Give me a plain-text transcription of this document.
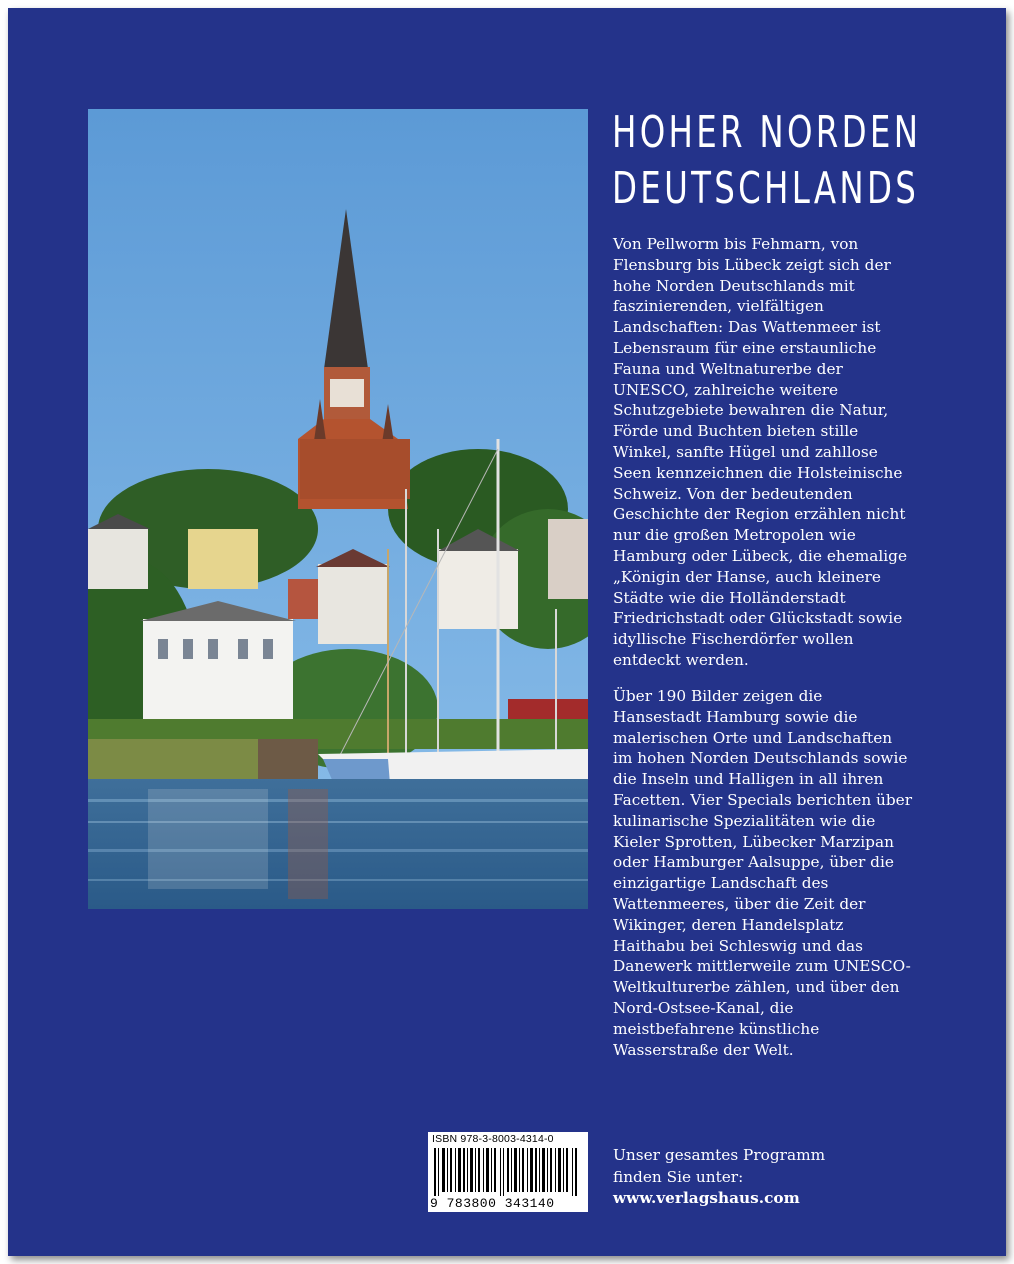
HOHER NORDEN
DEUTSCHLANDS
Von Pellworm bis Fehmarn, von Flensburg bis Lübeck zeigt sich der hohe Norden Deutschlands mit faszinierenden, vielfältigen Landschaften: Das Wattenmeer ist Lebensraum für eine erstaunliche Fauna und Weltnaturerbe der UNESCO, zahlreiche weitere Schutzgebiete bewahren die Natur, Förde und Buchten bieten stille Winkel, sanfte Hügel und zahllose Seen kennzeichnen die Holsteinische Schweiz. Von der bedeutenden Geschichte der Region erzählen nicht nur die großen Metropolen wie Hamburg oder Lübeck, die ehemalige „Königin der Hanse, auch kleinere Städte wie die Holländerstadt Friedrichstadt oder Glückstadt sowie idyllische Fischerdörfer wollen entdeckt werden.
Über 190 Bilder zeigen die Hansestadt Hamburg sowie die malerischen Orte und Landschaften im hohen Norden Deutschlands sowie die Inseln und Halligen in all ihren Facetten. Vier Specials berichten über kulinarische Spezialitäten wie die Kieler Sprotten, Lübecker Marzipan oder Hamburger Aalsuppe, über die einzigartige Landschaft des Wattenmeeres, über die Zeit der Wikinger, deren Handelsplatz Haithabu bei Schleswig und das Danewerk mittlerweile zum UNESCO-Weltkulturerbe zählen, und über den Nord-Ostsee-Kanal, die meistbefahrene künstliche Wasserstraße der Welt.
ISBN 978-3-8003-4314-0
9 783800 343140
Unser gesamtes Programm
finden Sie unter:
www.verlagshaus.com
